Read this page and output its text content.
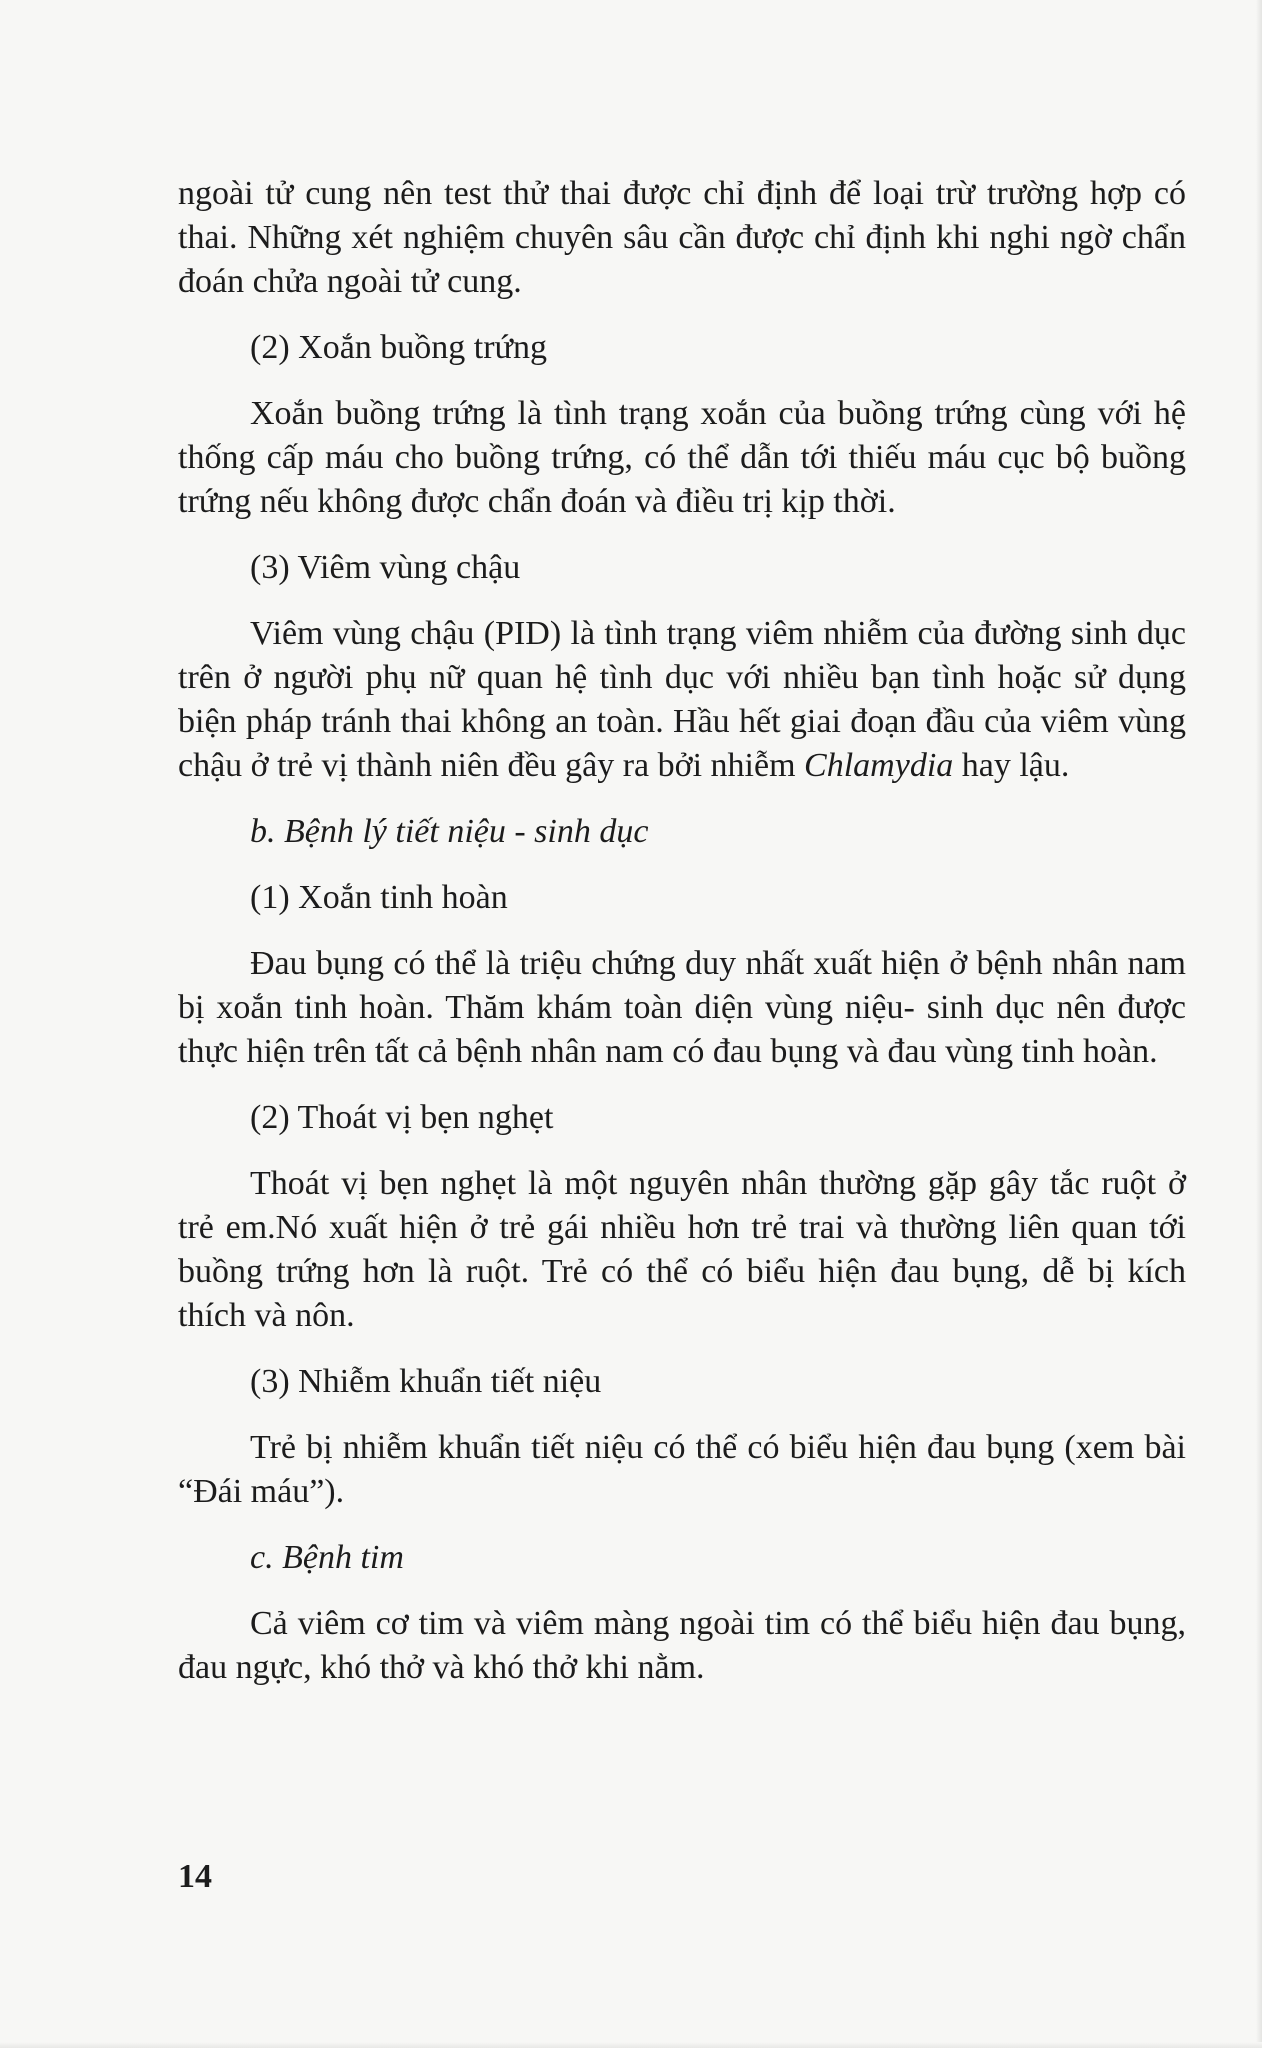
ngoài tử cung nên test thử thai được chỉ định để loại trừ trường hợp có thai. Những xét nghiệm chuyên sâu cần được chỉ định khi nghi ngờ chẩn đoán chửa ngoài tử cung.

(2) Xoắn buồng trứng

Xoắn buồng trứng là tình trạng xoắn của buồng trứng cùng với hệ thống cấp máu cho buồng trứng, có thể dẫn tới thiếu máu cục bộ buồng trứng nếu không được chẩn đoán và điều trị kịp thời.

(3) Viêm vùng chậu

Viêm vùng chậu (PID) là tình trạng viêm nhiễm của đường sinh dục trên ở người phụ nữ quan hệ tình dục với nhiều bạn tình hoặc sử dụng biện pháp tránh thai không an toàn. Hầu hết giai đoạn đầu của viêm vùng chậu ở trẻ vị thành niên đều gây ra bởi nhiễm Chlamydia hay lậu.

b. Bệnh lý tiết niệu - sinh dục
(1) Xoắn tinh hoàn

Đau bụng có thể là triệu chứng duy nhất xuất hiện ở bệnh nhân nam bị xoắn tinh hoàn. Thăm khám toàn diện vùng niệu- sinh dục nên được thực hiện trên tất cả bệnh nhân nam có đau bụng và đau vùng tinh hoàn.

(2) Thoát vị bẹn nghẹt

Thoát vị bẹn nghẹt là một nguyên nhân thường gặp gây tắc ruột ở trẻ em.Nó xuất hiện ở trẻ gái nhiều hơn trẻ trai và thường liên quan tới buồng trứng hơn là ruột. Trẻ có thể có biểu hiện đau bụng, dễ bị kích thích và nôn.

(3) Nhiễm khuẩn tiết niệu

Trẻ bị nhiễm khuẩn tiết niệu có thể có biểu hiện đau bụng (xem bài “Đái máu”).

c. Bệnh tim

Cả viêm cơ tim và viêm màng ngoài tim có thể biểu hiện đau bụng, đau ngực, khó thở và khó thở khi nằm.

14
